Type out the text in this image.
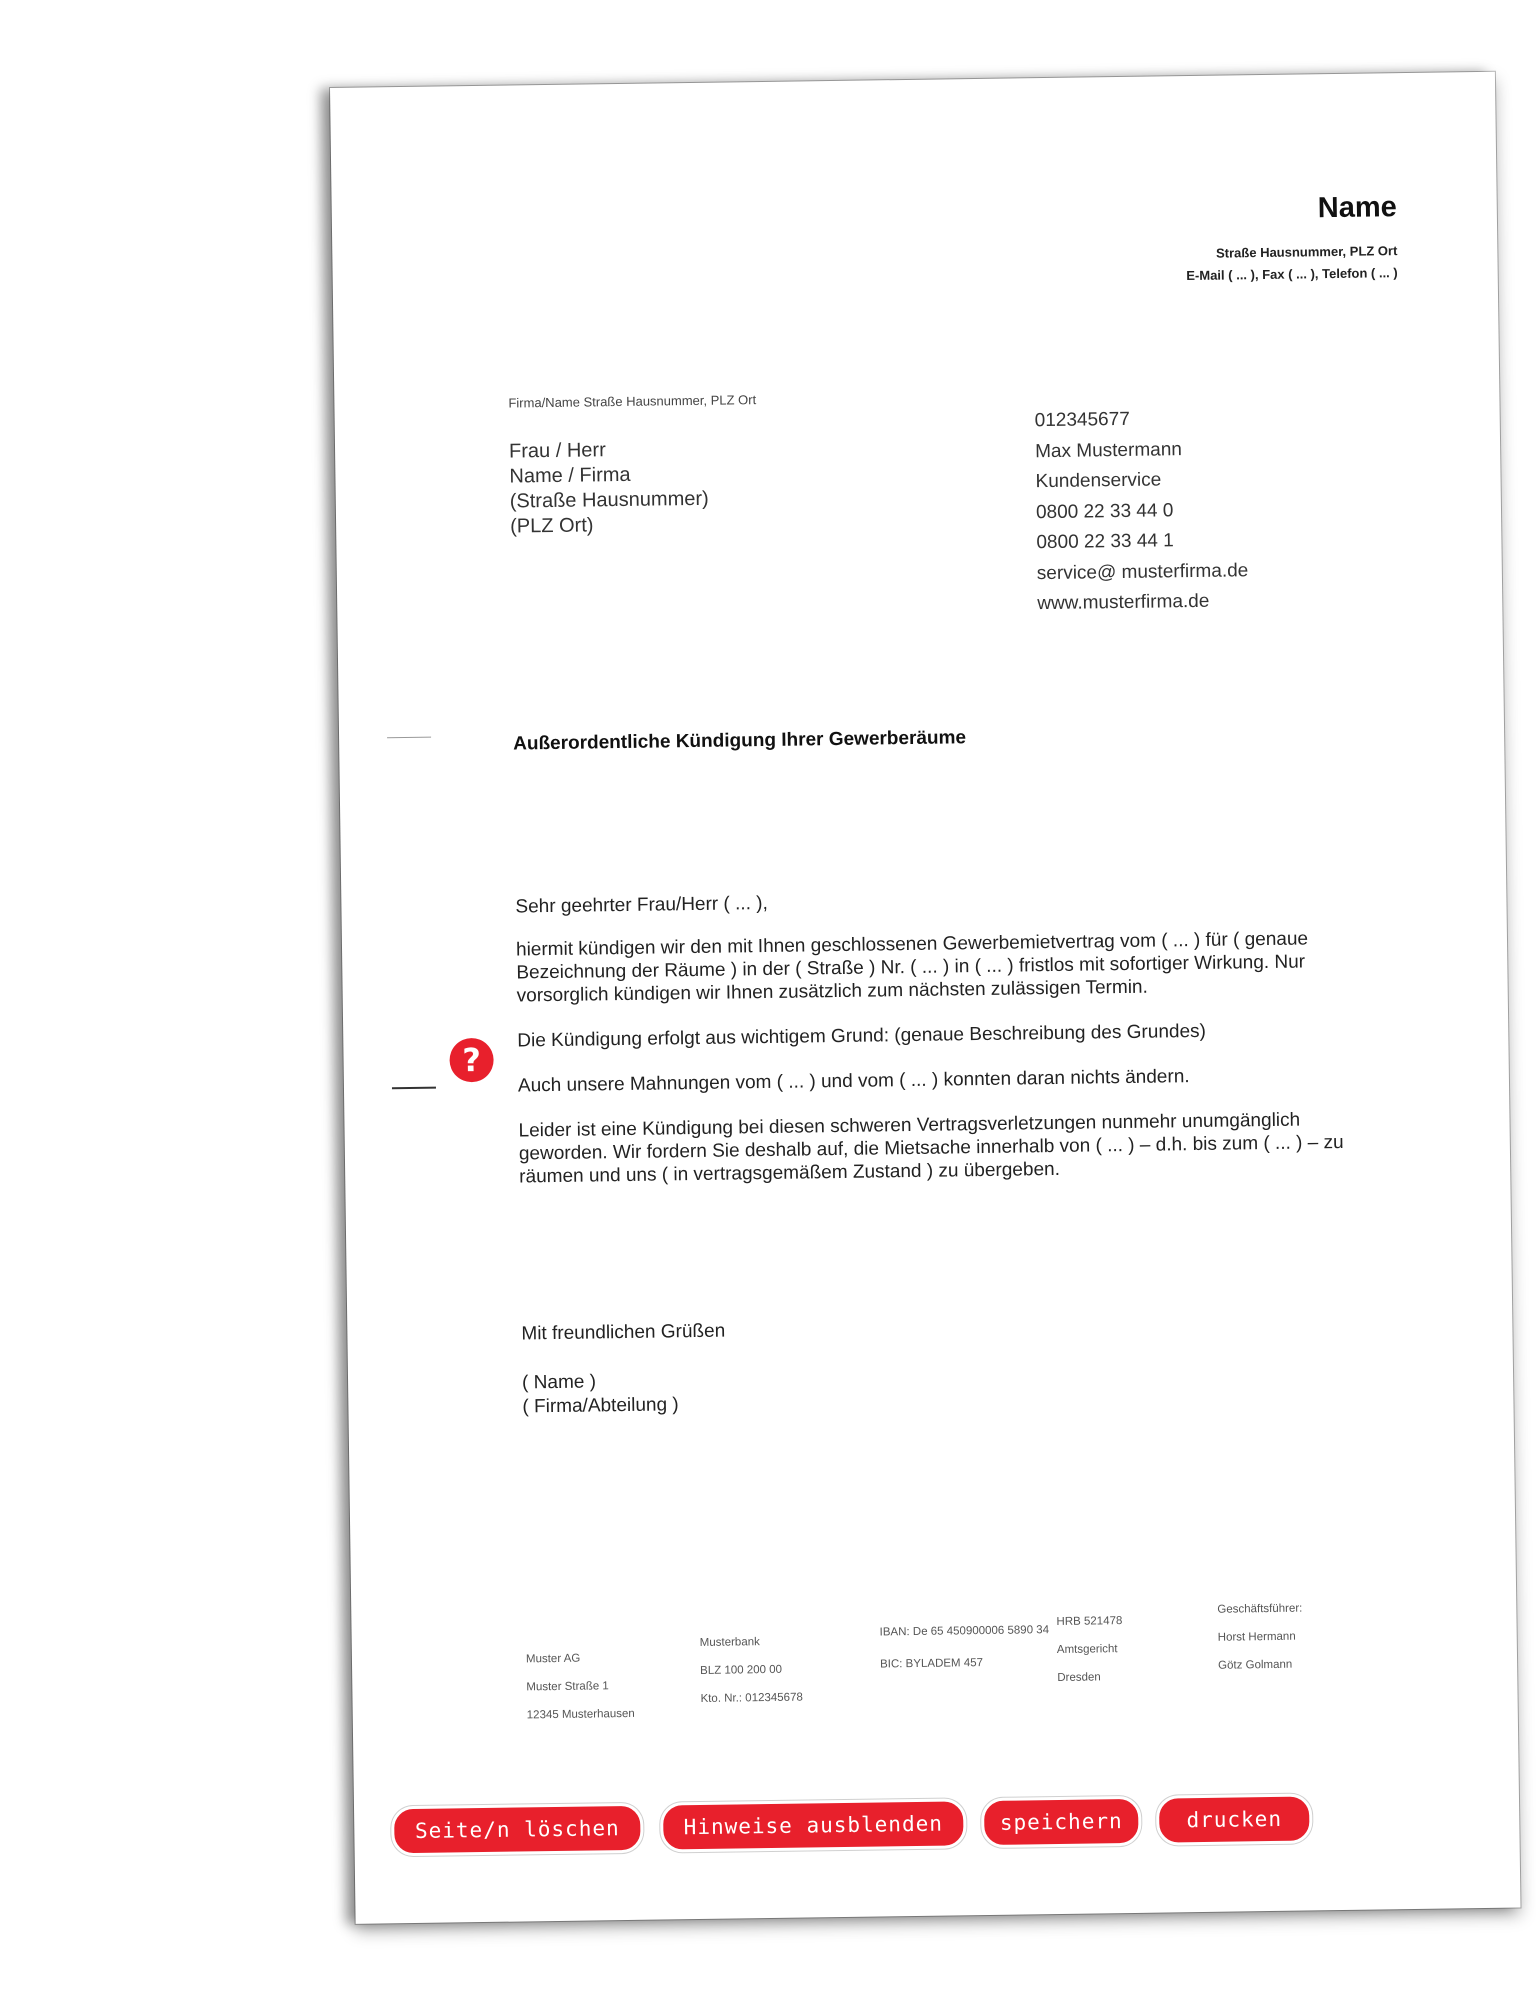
Name
Straße Hausnummer, PLZ Ort
E-Mail ( ... ), Fax ( ... ), Telefon ( ... )
Firma/Name Straße Hausnummer, PLZ Ort
Frau / Herr
Name / Firma
(Straße Hausnummer)
(PLZ Ort)
012345677
Max Mustermann
Kundenservice
0800 22 33 44 0
0800 22 33 44 1
service@ musterfirma.de
www.musterfirma.de
Außerordentliche Kündigung Ihrer Gewerberäume

Sehr geehrter Frau/Herr ( ... ),

hiermit kündigen wir den mit Ihnen geschlossenen Gewerbemietvertrag vom ( ... ) für ( genaue Bezeichnung der Räume ) in der ( Straße ) Nr. ( ... ) in ( ... ) fristlos mit sofortiger Wirkung. Nur vorsorglich kündigen wir Ihnen zusätzlich zum nächsten zulässigen Termin.

Die Kündigung erfolgt aus wichtigem Grund: (genaue Beschreibung des Grundes)

Auch unsere Mahnungen vom ( ... ) und vom ( ... ) konnten daran nichts ändern.

Leider ist eine Kündigung bei diesen schweren Vertragsverletzungen nunmehr unumgänglich geworden. Wir fordern Sie deshalb auf, die Mietsache innerhalb von ( ... ) – d.h. bis zum ( ... ) – zu räumen und uns ( in vertragsgemäßem Zustand ) zu übergeben.

?
Mit freundlichen Grüßen
( Name )
( Firma/Abteilung )
Muster AG
Muster Straße 1
12345 Musterhausen
Musterbank
BLZ 100 200 00
Kto. Nr.: 012345678
IBAN: De 65 450900006 5890 34
BIC: BYLADEM 457
HRB 521478
Amtsgericht
Dresden
Geschäftsführer:
Horst Hermann
Götz Golmann
Seite/n löschen	Hinweise ausblenden	speichern	drucken
